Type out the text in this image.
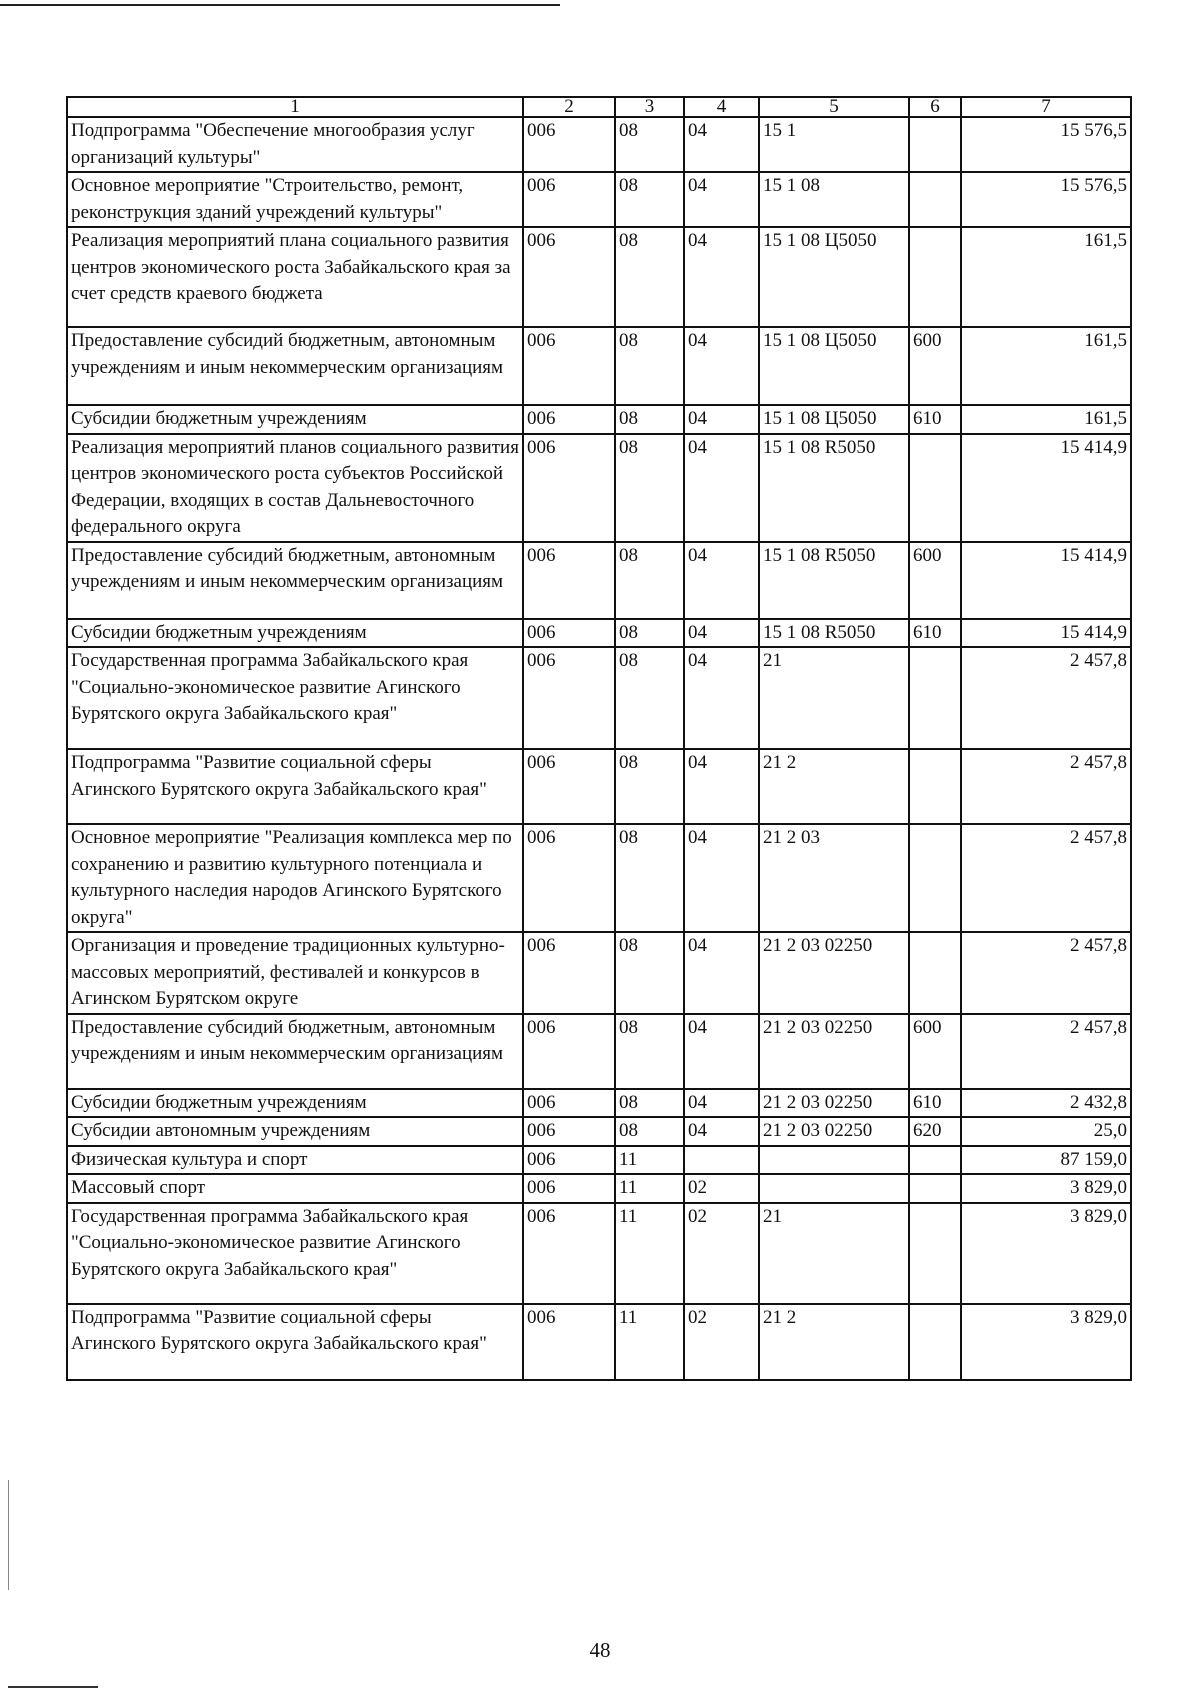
1	2	3	4	5	6	7
Подпрограмма "Обеспечение многообразия услуг организаций культуры"	006	08	04	15 1		15 576,5
Основное мероприятие "Строительство, ремонт, реконструкция зданий учреждений культуры"	006	08	04	15 1 08		15 576,5
Реализация мероприятий плана социального развития центров экономического роста Забайкальского края за счет средств краевого бюджета	006	08	04	15 1 08 Ц5050		161,5
Предоставление субсидий бюджетным, автономным учреждениям и иным некоммерческим организациям	006	08	04	15 1 08 Ц5050	600	161,5
Субсидии бюджетным учреждениям	006	08	04	15 1 08 Ц5050	610	161,5
Реализация мероприятий планов социального развития центров экономического роста субъектов Российской Федерации, входящих в состав Дальневосточного федерального округа	006	08	04	15 1 08 R5050		15 414,9
Предоставление субсидий бюджетным, автономным учреждениям и иным некоммерческим организациям	006	08	04	15 1 08 R5050	600	15 414,9
Субсидии бюджетным учреждениям	006	08	04	15 1 08 R5050	610	15 414,9
Государственная программа Забайкальского края "Социально-экономическое развитие Агинского Бурятского округа Забайкальского края"	006	08	04	21		2 457,8
Подпрограмма "Развитие социальной сферы Агинского Бурятского округа Забайкальского края"	006	08	04	21 2		2 457,8
Основное мероприятие "Реализация комплекса мер по сохранению и развитию культурного потенциала и культурного наследия народов Агинского Бурятского округа"	006	08	04	21 2 03		2 457,8
Организация и проведение традиционных культурно-массовых мероприятий, фестивалей и конкурсов в Агинском Бурятском округе	006	08	04	21 2 03 02250		2 457,8
Предоставление субсидий бюджетным, автономным учреждениям и иным некоммерческим организациям	006	08	04	21 2 03 02250	600	2 457,8
Субсидии бюджетным учреждениям	006	08	04	21 2 03 02250	610	2 432,8
Субсидии автономным учреждениям	006	08	04	21 2 03 02250	620	25,0
Физическая культура и спорт	006	11				87 159,0
Массовый спорт	006	11	02			3 829,0
Государственная программа Забайкальского края "Социально-экономическое развитие Агинского Бурятского округа Забайкальского края"	006	11	02	21		3 829,0
Подпрограмма "Развитие социальной сферы Агинского Бурятского округа Забайкальского края"	006	11	02	21 2		3 829,0
48
